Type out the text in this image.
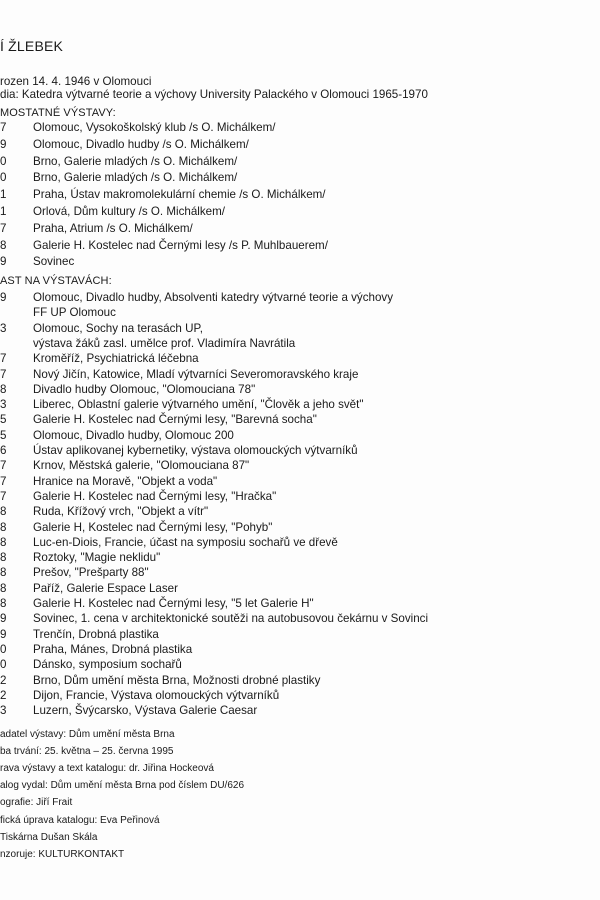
Í ŽLEBEK
rozen 14. 4. 1946 v Olomouci
dia: Katedra výtvarné teorie a výchovy University Palackého v Olomouci 1965-1970
MOSTATNÉ VÝSTAVY:
7	Olomouc, Vysokoškolský klub /s O. Michálkem/
9	Olomouc, Divadlo hudby /s O. Michálkem/
0	Brno, Galerie mladých /s O. Michálkem/
0	Brno, Galerie mladých /s O. Michálkem/
1	Praha, Ústav makromolekulární chemie /s O. Michálkem/
1	Orlová, Dům kultury /s O. Michálkem/
7	Praha, Atrium /s O. Michálkem/
8	Galerie H. Kostelec nad Černými lesy /s P. Muhlbauerem/
9	Sovinec
AST NA VÝSTAVÁCH:
9	Olomouc, Divadlo hudby, Absolventi katedry výtvarné teorie a výchovy
FF UP Olomouc
3	Olomouc, Sochy na terasách UP,
výstava žáků zasl. umělce prof. Vladimíra Navrátila
7	Kroměříž, Psychiatrická léčebna
7	Nový Jičín, Katowice, Mladí výtvarníci Severomoravského kraje
8	Divadlo hudby Olomouc, "Olomouciana 78"
3	Liberec, Oblastní galerie výtvarného umění, "Člověk a jeho svět"
5	Galerie H. Kostelec nad Černými lesy, "Barevná socha"
5	Olomouc, Divadlo hudby, Olomouc 200
6	Ústav aplikovanej kybernetiky, výstava olomouckých výtvarníků
7	Krnov, Městská galerie, "Olomouciana 87"
7	Hranice na Moravě, "Objekt a voda"
7	Galerie H. Kostelec nad Černými lesy, "Hračka"
8	Ruda, Křížový vrch, "Objekt a vítr"
8	Galerie H, Kostelec nad Černými lesy, "Pohyb"
8	Luc-en-Diois, Francie, účast na symposiu sochařů ve dřevě
8	Roztoky, "Magie neklidu"
8	Prešov, "Prešparty 88"
8	Paříž, Galerie Espace Laser
8	Galerie H. Kostelec nad Černými lesy, "5 let Galerie H"
9	Sovinec, 1. cena v architektonické soutěži na autobusovou čekárnu v Sovinci
9	Trenčín, Drobná plastika
0	Praha, Mánes, Drobná plastika
0	Dánsko, symposium sochařů
2	Brno, Dům umění města Brna, Možnosti drobné plastiky
2	Dijon, Francie, Výstava olomouckých výtvarníků
3	Luzern, Švýcarsko, Výstava Galerie Caesar
adatel výstavy: Dům umění města Brna
ba trvání: 25. května – 25. června 1995
rava výstavy a text katalogu: dr. Jiřina Hockeová
alog vydal: Dům umění města Brna pod číslem DU/626
ografie: Jiří Frait
fická úprava katalogu: Eva Peřinová
Tiskárna Dušan Skála
nzoruje: KULTURKONTAKT
